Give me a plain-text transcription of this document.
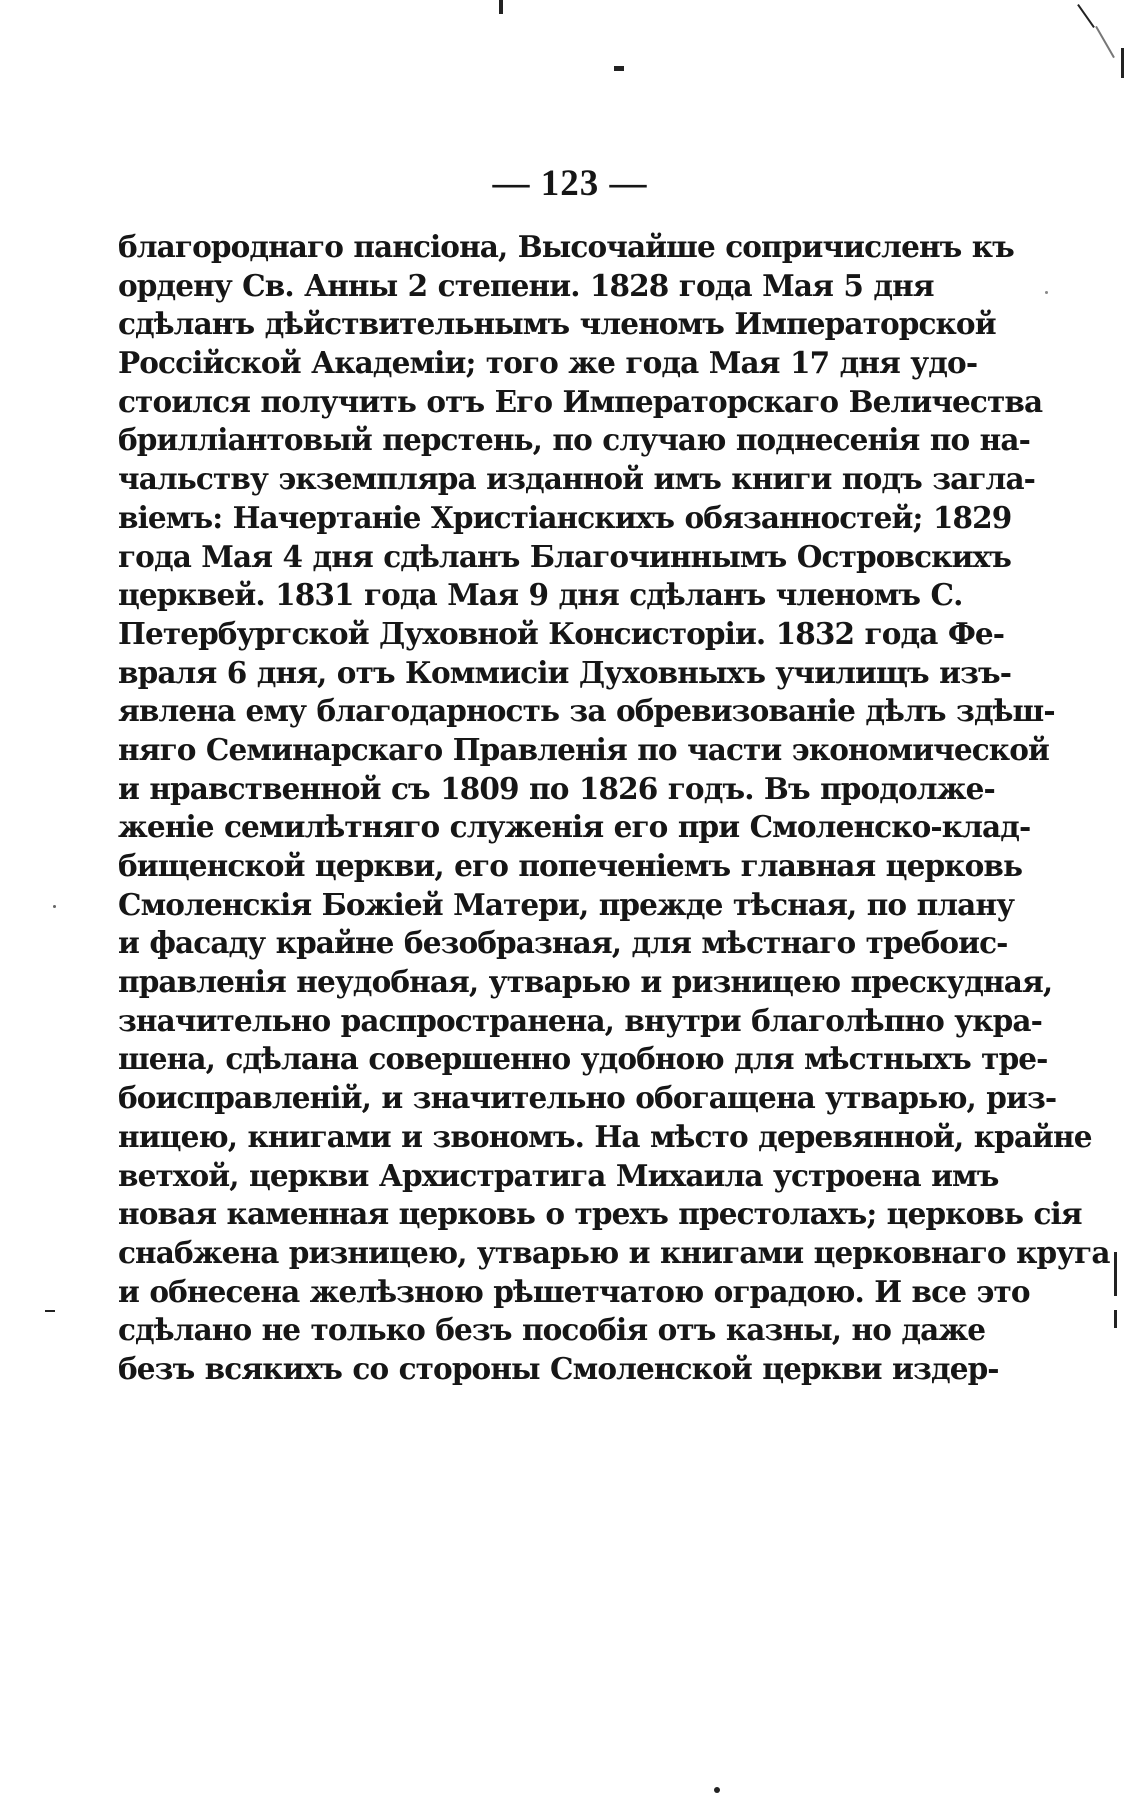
— 123 —
благороднаго пансіона, Высочайше сопричисленъ къ
ордену Св. Анны 2 степени. 1828 года Мая 5 дня
сдѣланъ дѣйствительнымъ членомъ Императорской
Россійской Академіи; того же года Мая 17 дня удо-
стоился получить отъ Его Императорскаго Величества
бриллiантовый перстень, по случаю поднесенія по на-
чальству экземпляра изданной имъ книги подъ загла-
віемъ: Начертаніе Христіанскихъ обязанностей; 1829
года Мая 4 дня сдѣланъ Благочиннымъ Островскихъ
церквей. 1831 года Мая 9 дня сдѣланъ членомъ С.
Петербургской Духовной Консисторіи. 1832 года Фе-
враля 6 дня, отъ Коммисіи Духовныхъ училищъ изъ-
явлена ему благодарность за обревизованіе дѣлъ здѣш-
няго Семинарскаго Правленія по части экономической
и нравственной съ 1809 по 1826 годъ. Въ продолже-
женіе семилѣтняго служенія его при Смоленско-клад-
бищенской церкви, его попеченіемъ главная церковь
Смоленскія Божіей Матери, прежде тѣсная, по плану
и фасаду крайне безобразная, для мѣстнаго требоис-
правленія неудобная, утварью и ризницею прескудная,
значительно распространена, внутри благолѣпно укра-
шена, сдѣлана совершенно удобною для мѣстныхъ тре-
боисправленій, и значительно обогащена утварью, риз-
ницею, книгами и звономъ. На мѣсто деревянной, крайне
ветхой, церкви Архистратига Михаила устроена имъ
новая каменная церковь о трехъ престолахъ; церковь сія
снабжена ризницею, утварью и книгами церковнаго круга
и обнесена желѣзною рѣшетчатою оградою. И все это
сдѣлано не только безъ пособія отъ казны, но даже
безъ всякихъ со стороны Смоленской церкви издер-
